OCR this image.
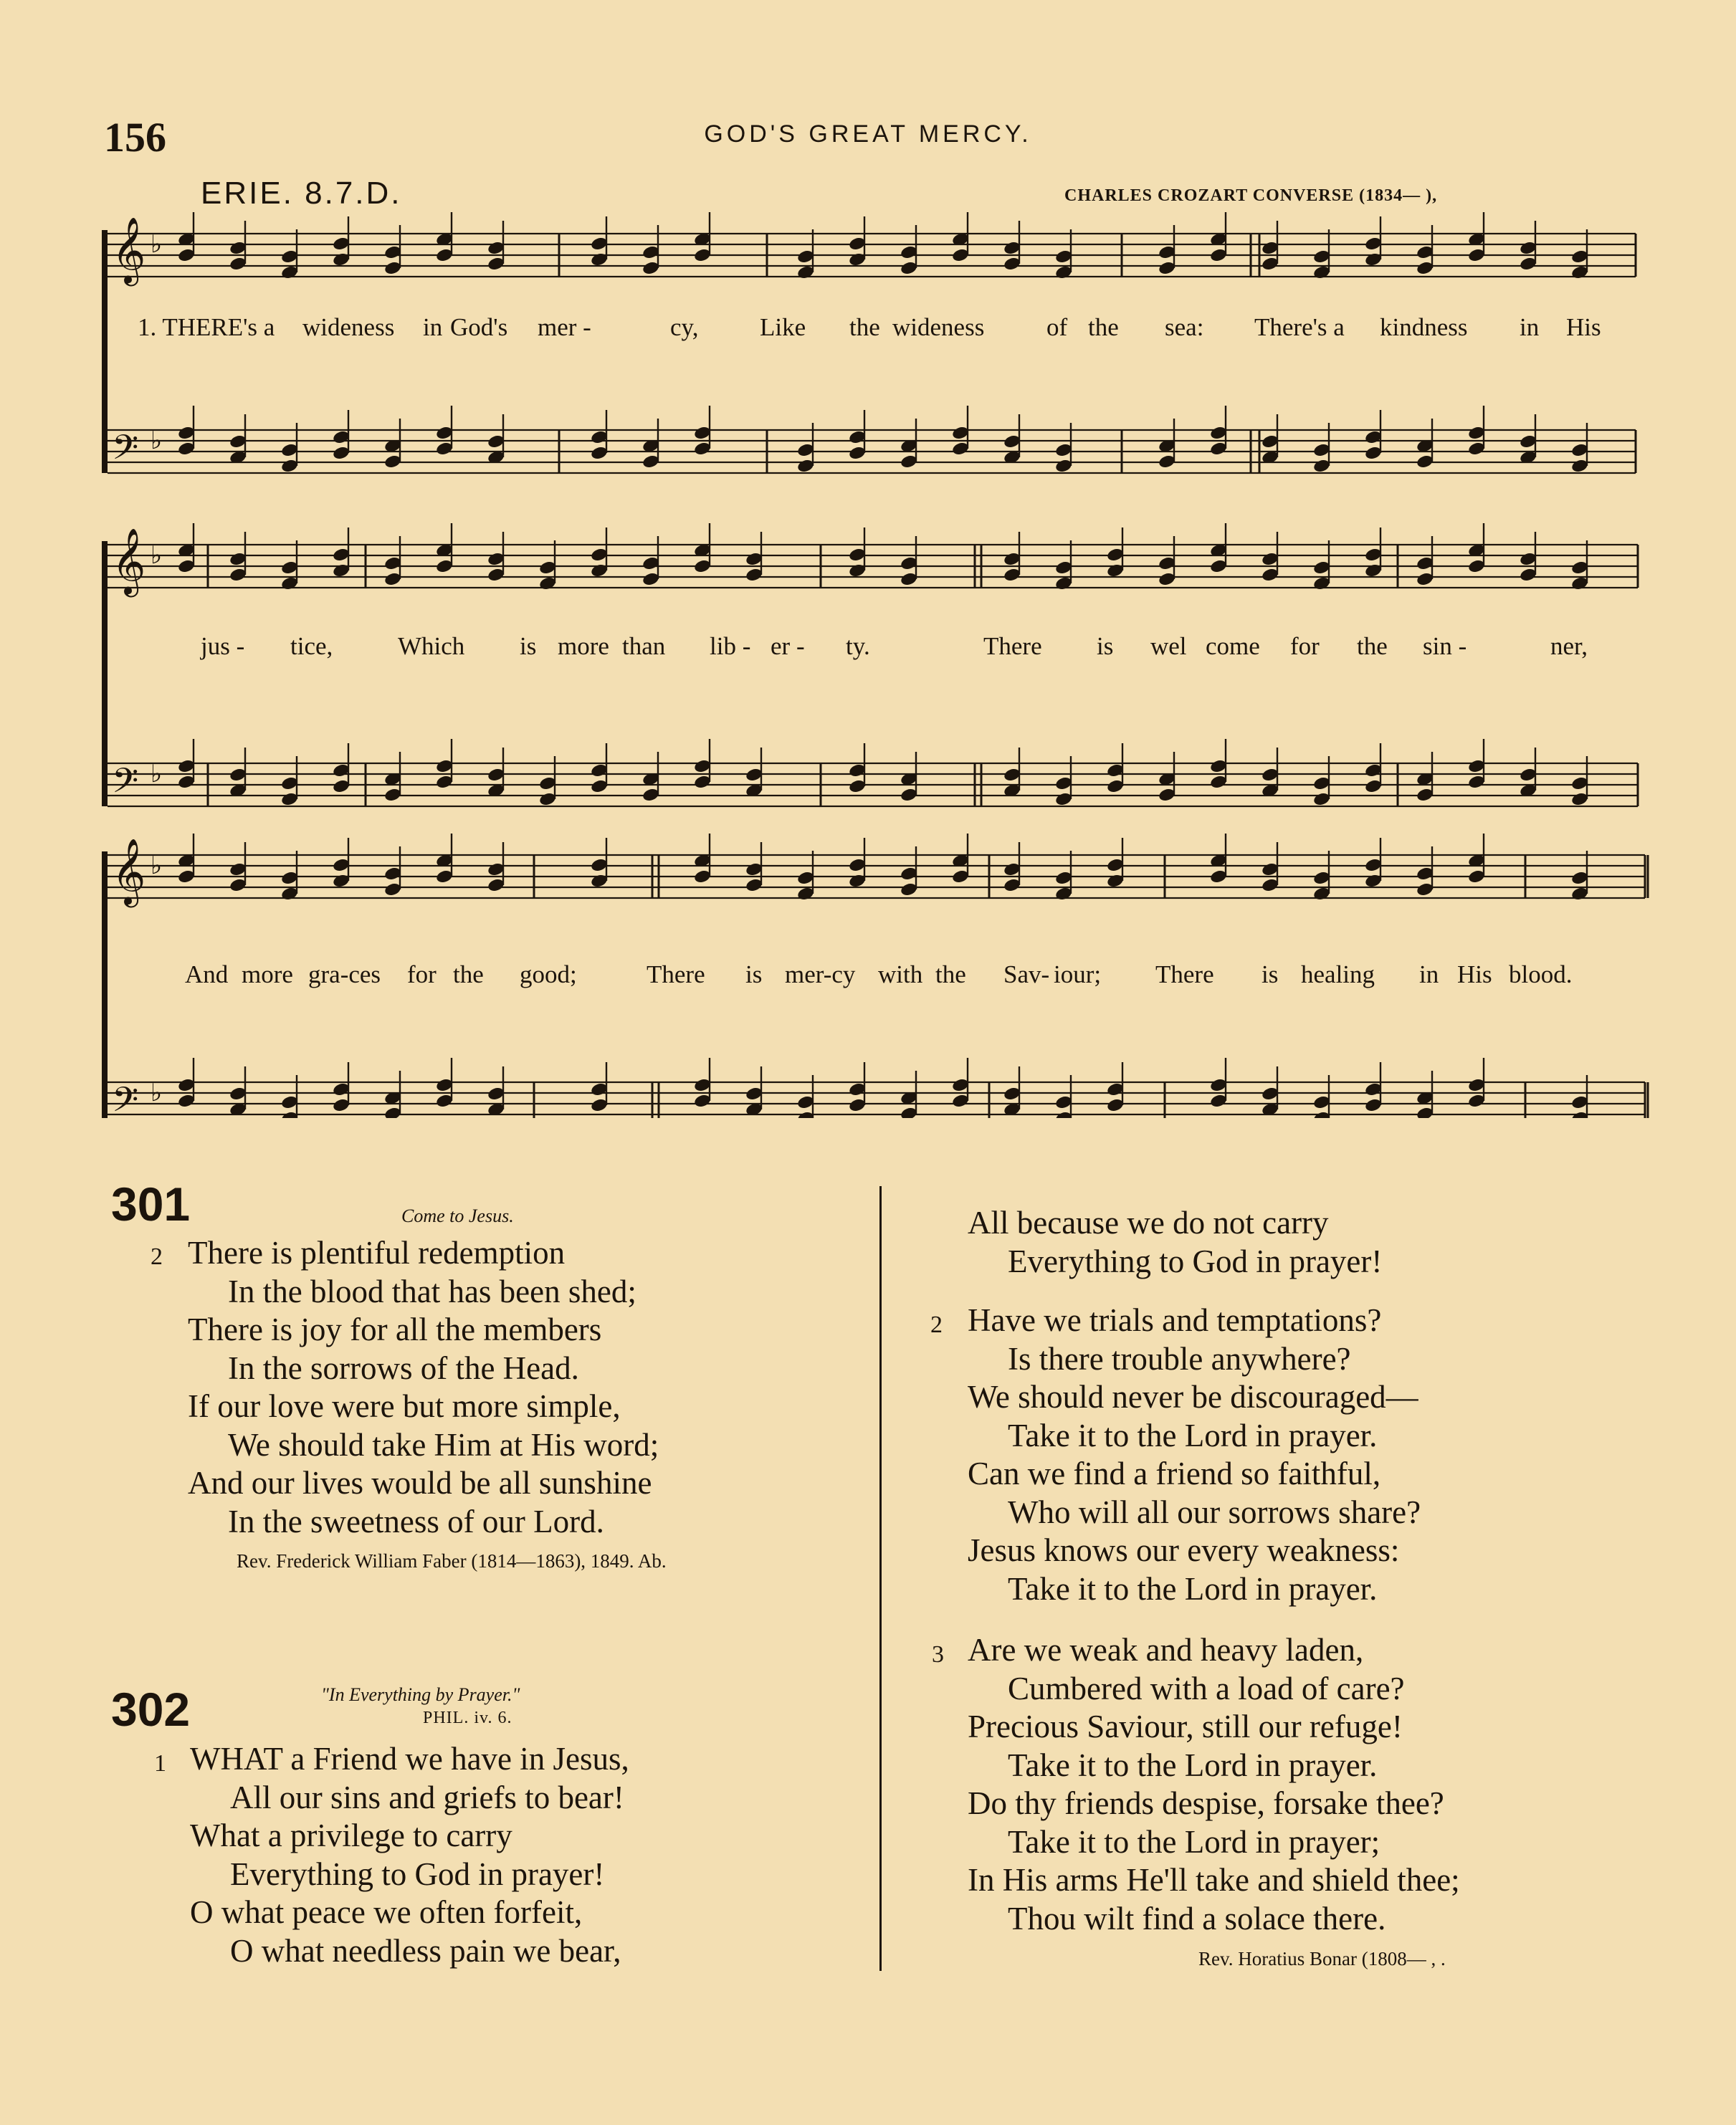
156	GOD'S GREAT MERCY.
ERIE. 8.7.D.	CHARLES CROZART CONVERSE (1834— ),
𝄞 ♭
𝄢 ♭
𝄞 ♭
𝄢 ♭
𝄞 ♭
𝄢 ♭
1. THERE's a wideness in God's mer -	cy, Like the wideness of the sea: There's a kindness in His
jus - tice,	Which is more than lib - er - ty.	There is wel come for the sin -	ner,
And more gra-ces for the good;	There is mer-cy with the Sav- iour; There is healing in His blood.
301	Come to Jesus.
2 There is plentiful redemption
In the blood that has been shed;
There is joy for all the members
In the sorrows of the Head.
If our love were but more simple,
We should take Him at His word;
And our lives would be all sunshine
In the sweetness of our Lord.
Rev. Frederick William Faber (1814—1863), 1849. Ab.
302	"In Everything by Prayer."
PHIL. iv. 6.
1 WHAT a Friend we have in Jesus,
All our sins and griefs to bear!
What a privilege to carry
Everything to God in prayer!
O what peace we often forfeit,
O what needless pain we bear,
All because we do not carry
Everything to God in prayer!
2 Have we trials and temptations?
Is there trouble anywhere?
We should never be discouraged—
Take it to the Lord in prayer.
Can we find a friend so faithful,
Who will all our sorrows share?
Jesus knows our every weakness:
Take it to the Lord in prayer.
3 Are we weak and heavy laden,
Cumbered with a load of care?
Precious Saviour, still our refuge!
Take it to the Lord in prayer.
Do thy friends despise, forsake thee?
Take it to the Lord in prayer;
In His arms He'll take and shield thee;
Thou wilt find a solace there.
Rev. Horatius Bonar (1808— , .
